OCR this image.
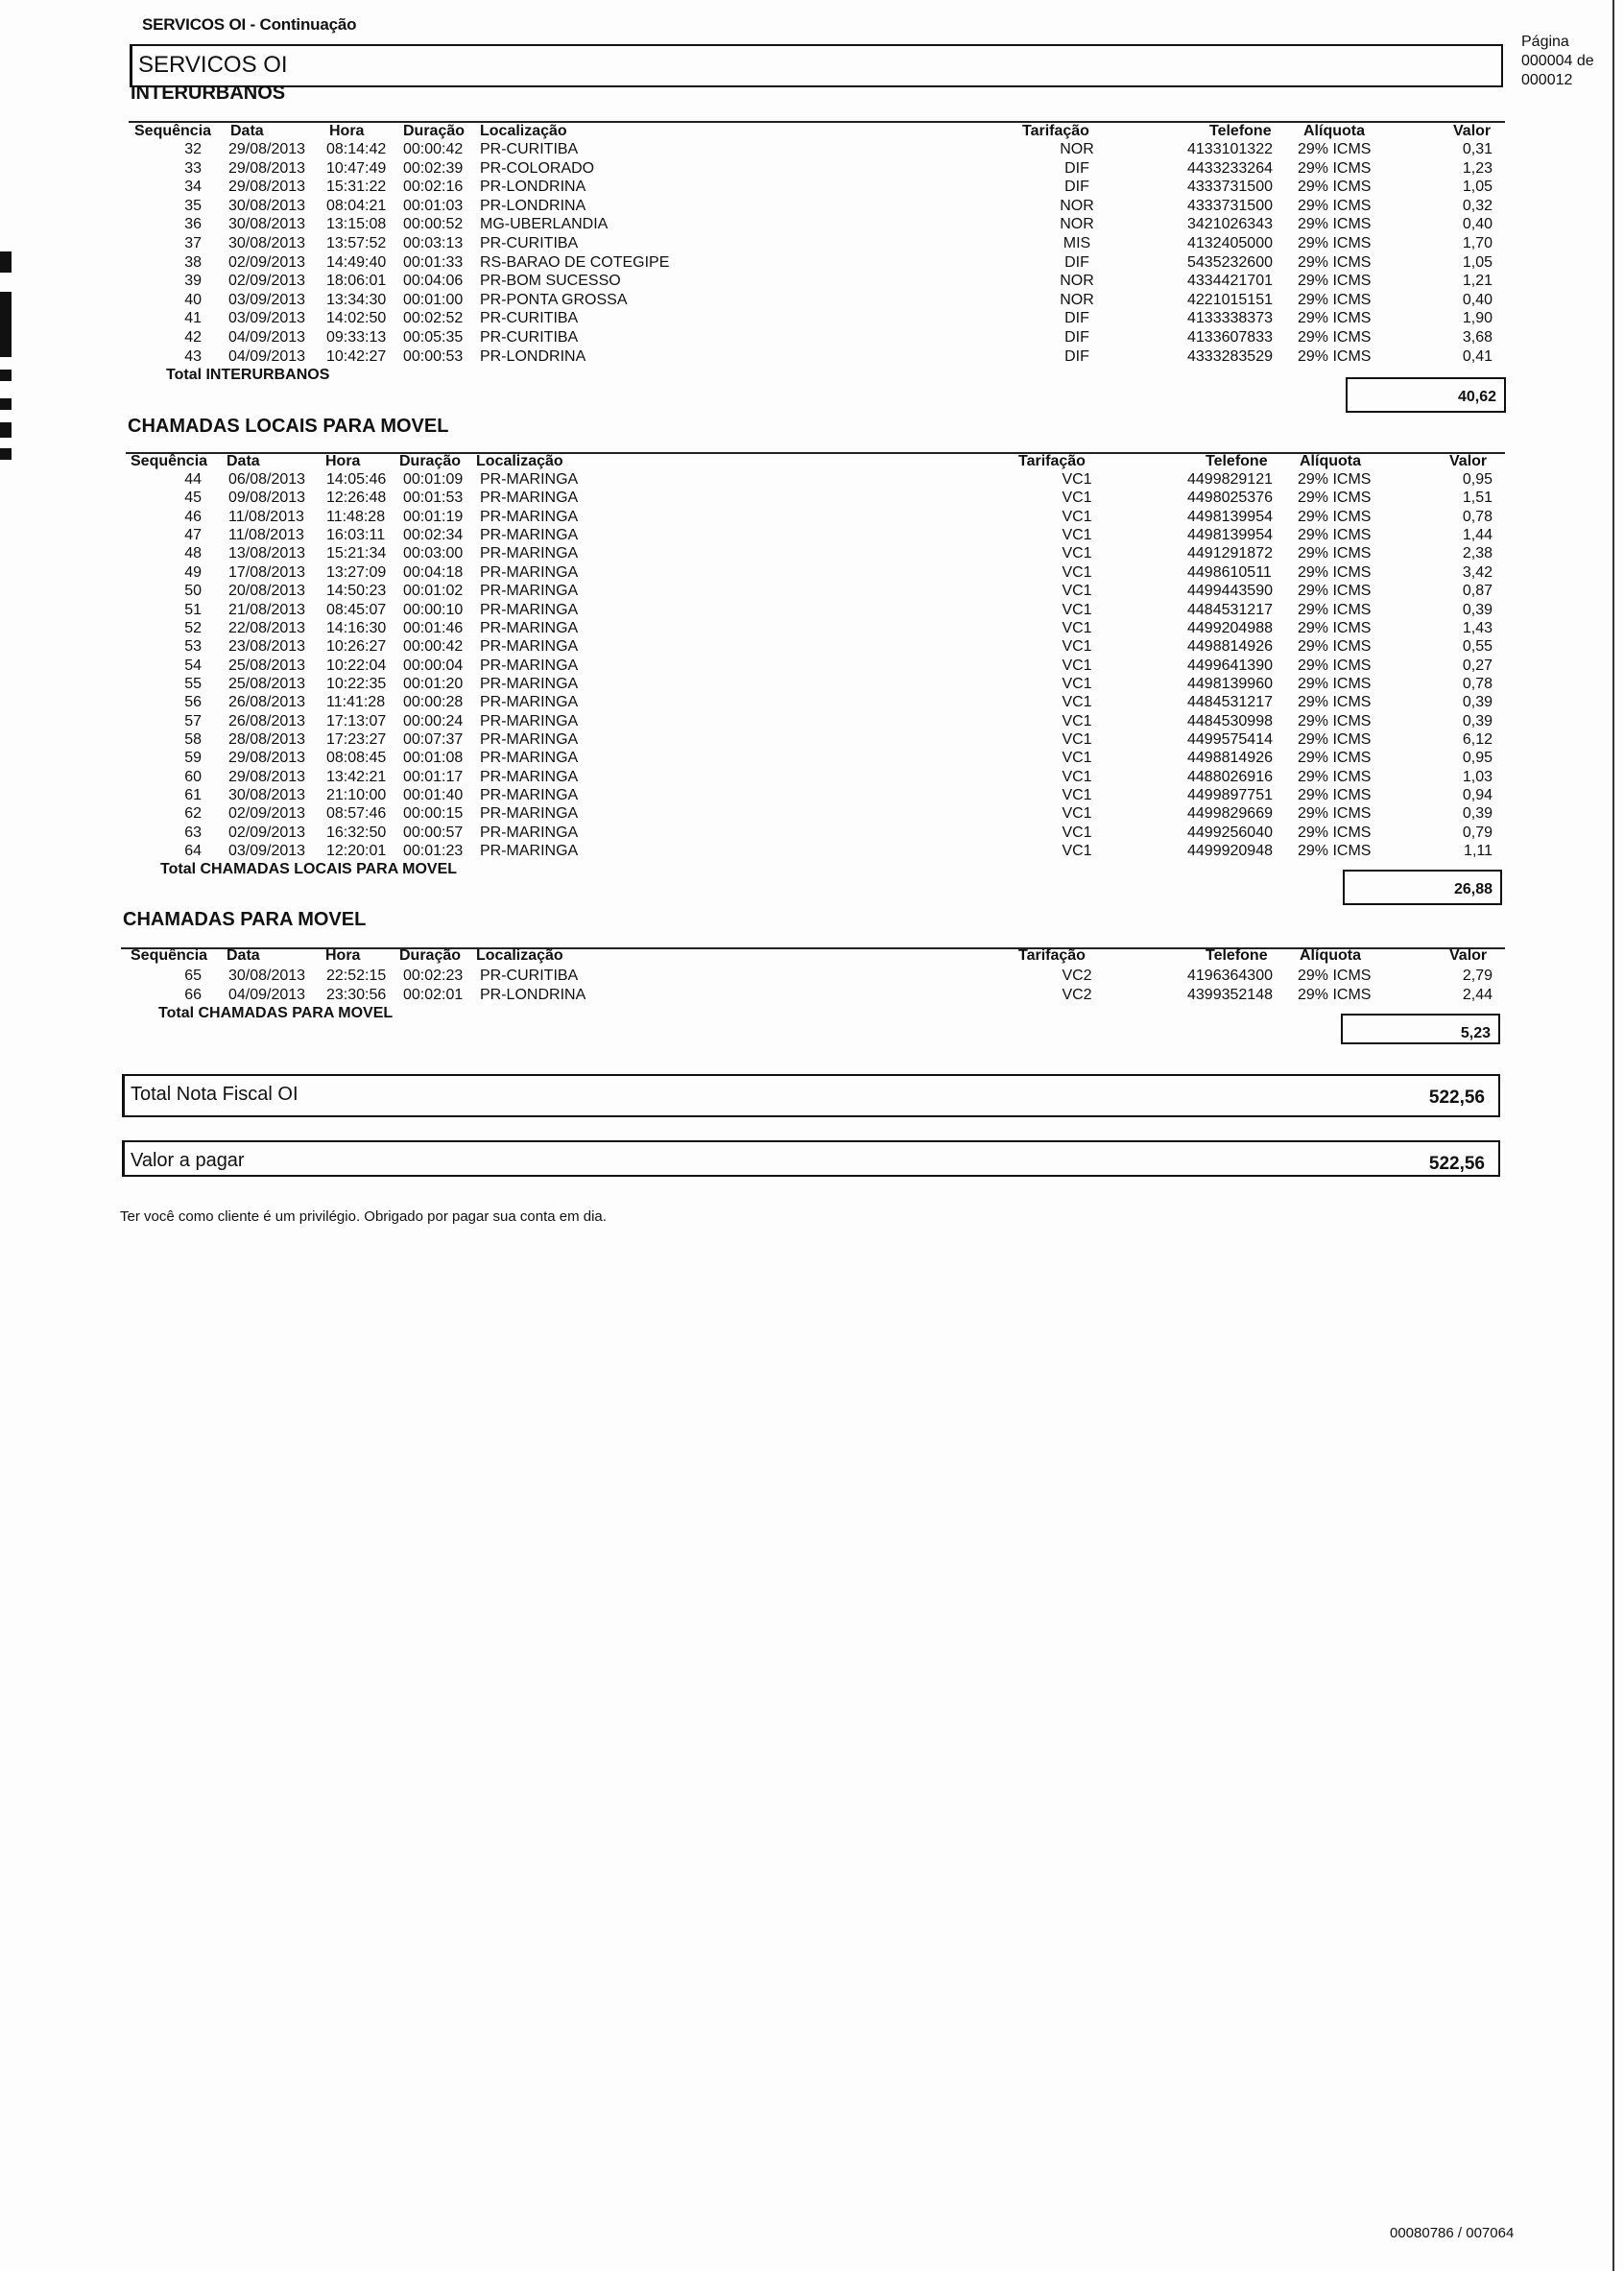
SERVICOS OI - Continuação
SERVICOS OI
Página
000004 de
000012
INTERURBANOS
Sequência Data	Hora	Duração Localização	Tarifação	Telefone Alíquota	Valor
32 29/08/2013 08:14:42 00:00:42 PR-CURITIBA	NOR	4133101322 29% ICMS	0,31
33 29/08/2013 10:47:49 00:02:39 PR-COLORADO	DIF	4433233264 29% ICMS	1,23
34 29/08/2013 15:31:22 00:02:16 PR-LONDRINA	DIF	4333731500 29% ICMS	1,05
35 30/08/2013 08:04:21 00:01:03 PR-LONDRINA	NOR	4333731500 29% ICMS	0,32
36 30/08/2013 13:15:08 00:00:52 MG-UBERLANDIA	NOR	3421026343 29% ICMS	0,40
37 30/08/2013 13:57:52 00:03:13 PR-CURITIBA	MIS	4132405000 29% ICMS	1,70
38 02/09/2013 14:49:40 00:01:33 RS-BARAO DE COTEGIPE	DIF	5435232600 29% ICMS	1,05
39 02/09/2013 18:06:01 00:04:06 PR-BOM SUCESSO	NOR	4334421701 29% ICMS	1,21
40 03/09/2013 13:34:30 00:01:00 PR-PONTA GROSSA	NOR	4221015151 29% ICMS	0,40
41 03/09/2013 14:02:50 00:02:52 PR-CURITIBA	DIF	4133338373 29% ICMS	1,90
42 04/09/2013 09:33:13 00:05:35 PR-CURITIBA	DIF	4133607833 29% ICMS	3,68
43 04/09/2013 10:42:27 00:00:53 PR-LONDRINA	DIF	4333283529 29% ICMS	0,41
Total INTERURBANOS
40,62
CHAMADAS LOCAIS PARA MOVEL
Sequência Data	Hora	Duração Localização	Tarifação	Telefone Alíquota	Valor
44 06/08/2013 14:05:46 00:01:09 PR-MARINGA	VC1	4499829121 29% ICMS	0,95
45 09/08/2013 12:26:48 00:01:53 PR-MARINGA	VC1	4498025376 29% ICMS	1,51
46 11/08/2013 11:48:28 00:01:19 PR-MARINGA	VC1	4498139954 29% ICMS	0,78
47 11/08/2013 16:03:11 00:02:34 PR-MARINGA	VC1	4498139954 29% ICMS	1,44
48 13/08/2013 15:21:34 00:03:00 PR-MARINGA	VC1	4491291872 29% ICMS	2,38
49 17/08/2013 13:27:09 00:04:18 PR-MARINGA	VC1	4498610511 29% ICMS	3,42
50 20/08/2013 14:50:23 00:01:02 PR-MARINGA	VC1	4499443590 29% ICMS	0,87
51 21/08/2013 08:45:07 00:00:10 PR-MARINGA	VC1	4484531217 29% ICMS	0,39
52 22/08/2013 14:16:30 00:01:46 PR-MARINGA	VC1	4499204988 29% ICMS	1,43
53 23/08/2013 10:26:27 00:00:42 PR-MARINGA	VC1	4498814926 29% ICMS	0,55
54 25/08/2013 10:22:04 00:00:04 PR-MARINGA	VC1	4499641390 29% ICMS	0,27
55 25/08/2013 10:22:35 00:01:20 PR-MARINGA	VC1	4498139960 29% ICMS	0,78
56 26/08/2013 11:41:28 00:00:28 PR-MARINGA	VC1	4484531217 29% ICMS	0,39
57 26/08/2013 17:13:07 00:00:24 PR-MARINGA	VC1	4484530998 29% ICMS	0,39
58 28/08/2013 17:23:27 00:07:37 PR-MARINGA	VC1	4499575414 29% ICMS	6,12
59 29/08/2013 08:08:45 00:01:08 PR-MARINGA	VC1	4498814926 29% ICMS	0,95
60 29/08/2013 13:42:21 00:01:17 PR-MARINGA	VC1	4488026916 29% ICMS	1,03
61 30/08/2013 21:10:00 00:01:40 PR-MARINGA	VC1	4499897751 29% ICMS	0,94
62 02/09/2013 08:57:46 00:00:15 PR-MARINGA	VC1	4499829669 29% ICMS	0,39
63 02/09/2013 16:32:50 00:00:57 PR-MARINGA	VC1	4499256040 29% ICMS	0,79
64 03/09/2013 12:20:01 00:01:23 PR-MARINGA	VC1	4499920948 29% ICMS	1,11
Total CHAMADAS LOCAIS PARA MOVEL
26,88
CHAMADAS PARA MOVEL
Sequência Data	Hora	Duração Localização	Tarifação	Telefone Alíquota	Valor
65 30/08/2013 22:52:15 00:02:23 PR-CURITIBA	VC2	4196364300 29% ICMS	2,79
66 04/09/2013 23:30:56 00:02:01 PR-LONDRINA	VC2	4399352148 29% ICMS	2,44
Total CHAMADAS PARA MOVEL
5,23
Total Nota Fiscal OI	522,56
Valor a pagar	522,56
Ter você como cliente é um privilégio. Obrigado por pagar sua conta em dia.
00080786 / 007064
